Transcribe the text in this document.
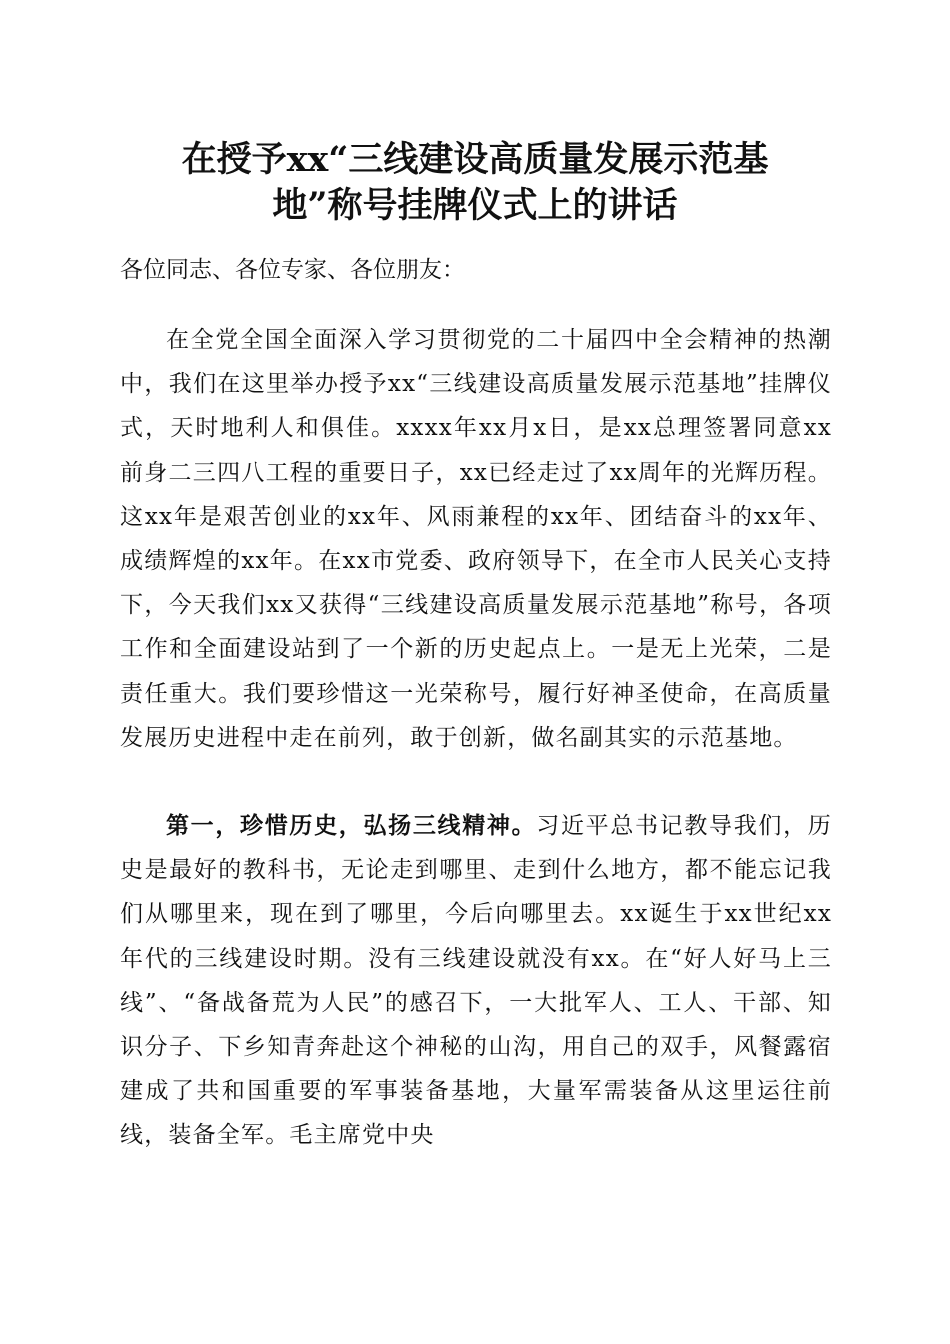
在授予xx“三线建设高质量发展示范基
地”称号挂牌仪式上的讲话
各位同志、各位专家、各位朋友：

在全党全国全面深入学习贯彻党的二十届四中全会精神的热潮中，我们在这里举办授予xx“三线建设高质量发展示范基地”挂牌仪式，天时地利人和俱佳。xxxx年xx月x日，是xx总理签署同意xx前身二三四八工程的重要日子，xx已经走过了xx周年的光辉历程。这xx年是艰苦创业的xx年、风雨兼程的xx年、团结奋斗的xx年、成绩辉煌的xx年。在xx市党委、政府领导下，在全市人民关心支持下，今天我们xx又获得“三线建设高质量发展示范基地”称号，各项工作和全面建设站到了一个新的历史起点上。一是无上光荣，二是责任重大。我们要珍惜这一光荣称号，履行好神圣使命，在高质量发展历史进程中走在前列，敢于创新，做名副其实的示范基地。

第一，珍惜历史，弘扬三线精神。习近平总书记教导我们，历史是最好的教科书，无论走到哪里、走到什么地方，都不能忘记我们从哪里来，现在到了哪里，今后向哪里去。xx诞生于xx世纪xx年代的三线建设时期。没有三线建设就没有xx。在“好人好马上三线”、“备战备荒为人民”的感召下，一大批军人、工人、干部、知识分子、下乡知青奔赴这个神秘的山沟，用自己的双手，风餐露宿建成了共和国重要的军事装备基地，大量军需装备从这里运往前线，装备全军。毛主席党中央
